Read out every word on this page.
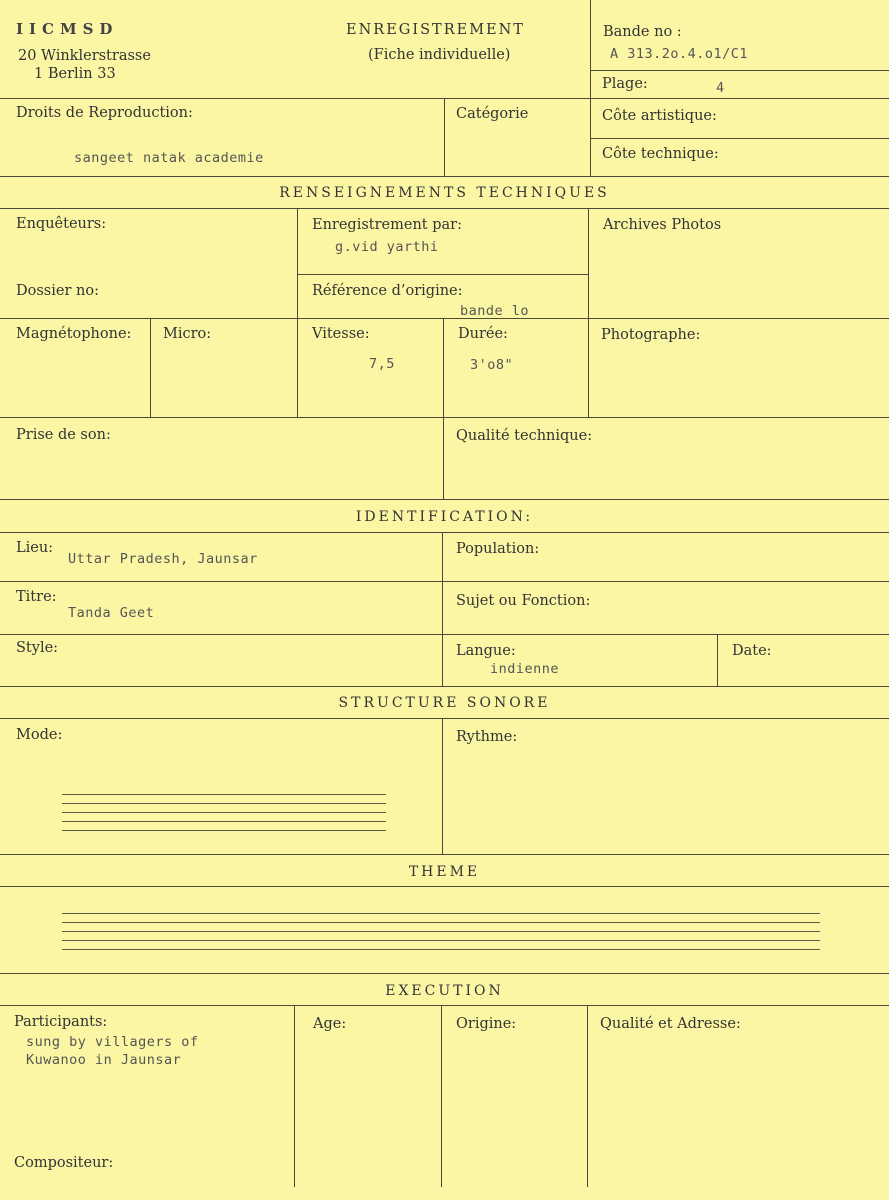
IICMSD
20 Winklerstrasse
1 Berlin 33
ENREGISTREMENT
(Fiche individuelle)
Bande no :
A 313.2o.4.o1/C1
Plage:	4
Droits de Reproduction:
sangeet natak academie
Catégorie	Côte artistique:
Côte technique:
RENSEIGNEMENTS TECHNIQUES
Enquêteurs:	Enregistrement par:
g.vid yarthi
Archives Photos
Dossier no:	Référence d’origine:
bande lo
Magnétophone: Micro:	Vitesse:
7,5
Durée:
3'o8"
Photographe:
Prise de son:	Qualité technique:
IDENTIFICATION:
Lieu:
Uttar Pradesh, Jaunsar
Population:
Titre:
Tanda Geet
Sujet ou Fonction:
Style:	Langue:
indienne
Date:
STRUCTURE SONORE
Mode:	Rythme:
THEME
EXECUTION
Participants:
sung by villagers of
Kuwanoo in Jaunsar
Age:	Origine:	Qualité et Adresse:
Compositeur:
